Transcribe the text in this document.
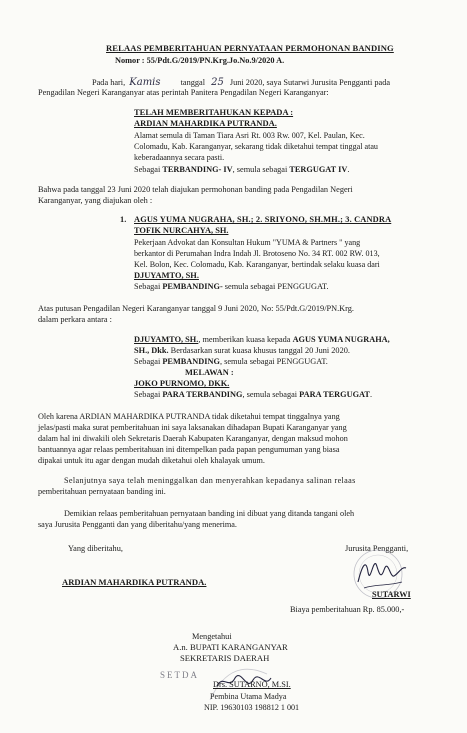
RELAAS PEMBERITAHUAN PERNYATAAN PERMOHONAN BANDING
Nomor : 55/Pdt.G/2019/PN.Krg.Jo.No.9/2020 A.
Pada hari, Kamis tanggal 25 Juni 2020, saya Sutarwi Jurusita Pengganti pada
Pengadilan Negeri Karanganyar atas perintah Panitera Pengadilan Negeri Karanganyar:
TELAH MEMBERITAHUKAN KEPADA :
ARDIAN MAHARDIKA PUTRANDA.
Alamat semula di Taman Tiara Asri Rt. 003 Rw. 007, Kel. Paulan, Kec.
Colomadu, Kab. Karanganyar, sekarang tidak diketahui tempat tinggal atau
keberadaannya secara pasti.
Sebagai TERBANDING- IV, semula sebagai TERGUGAT IV.
Bahwa pada tanggal 23 Juni 2020 telah diajukan permohonan banding pada Pengadilan Negeri
Karanganyar, yang diajukan oleh :
1. AGUS YUMA NUGRAHA, SH.; 2. SRIYONO, SH.MH.; 3. CANDRA
TOFIK NURCAHYA, SH.
Pekerjaan Advokat dan Konsultan Hukum "YUMA & Partners " yang
berkantor di Perumahan Indra Indah Jl. Brotoseno No. 34 RT. 002 RW. 013,
Kel. Bolon, Kec. Colomadu, Kab. Karanganyar, bertindak selaku kuasa dari
DJUYAMTO, SH.
Sebagai PEMBANDING- semula sebagai PENGGUGAT.
Atas putusan Pengadilan Negeri Karanganyar tanggal 9 Juni 2020, No: 55/Pdt.G/2019/PN.Krg.
dalam perkara antara :
DJUYAMTO, SH., memberikan kuasa kepada AGUS YUMA NUGRAHA,
SH., Dkk. Berdasarkan surat kuasa khusus tanggal 20 Juni 2020.
Sebagai PEMBANDING, semula sebagai PENGGUGAT.
MELAWAN :
JOKO PURNOMO, DKK.
Sebagai PARA TERBANDING, semula sebagai PARA TERGUGAT.
Oleh karena ARDIAN MAHARDIKA PUTRANDA tidak diketahui tempat tinggalnya yang
jelas/pasti maka surat pemberitahuan ini saya laksanakan dihadapan Bupati Karanganyar yang
dalam hal ini diwakili oleh Sekretaris Daerah Kabupaten Karanganyar, dengan maksud mohon
bantuannya agar relaas pemberitahuan ini ditempelkan pada papan pengumuman yang biasa
dipakai untuk itu agar dengan mudah diketahui oleh khalayak umum.
Selanjutnya saya telah meninggalkan dan menyerahkan kepadanya salinan relaas
pemberitahuan pernyataan banding ini.
Demikian relaas pemberitahuan pernyataan banding ini dibuat yang ditanda tangani oleh
saya Jurusita Pengganti dan yang diberitahu/yang menerima.
Yang diberitahu,	Jurusita Pengganti,
ARDIAN MAHARDIKA PUTRANDA.
SUTARWI
Biaya pemberitahuan Rp. 85.000,-
Mengetahui
A.n. BUPATI KARANGANYAR
SEKRETARIS DAERAH
SETDA
Drs. SUTARNO, M.SI.
Pembina Utama Madya
NIP. 19630103 198812 1 001
